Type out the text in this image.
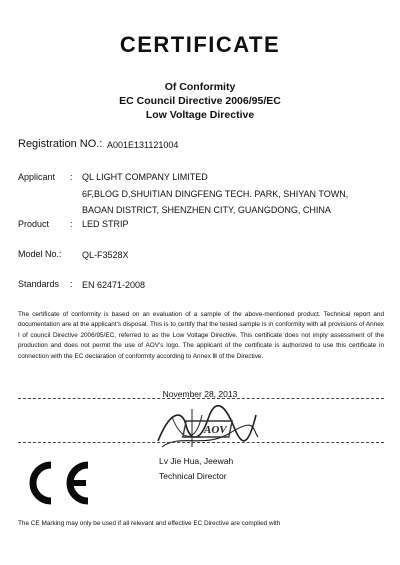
CERTIFICATE
Of Conformity
EC Council Directive 2006/95/EC
Low Voltage Directive
Registration NO.: A001E131121004
Applicant : QL LIGHT COMPANY LIMITED
6F,BLOG D,SHUITIAN DINGFENG TECH. PARK, SHIYAN TOWN,
BAOAN DISTRICT, SHENZHEN CITY, GUANGDONG, CHINA
Product : LED STRIP
Model No.: QL-F3528X
Standards : EN 62471-2008
The certificate of conformity is based on an evaluation of a sample of the above-mentioned product. Technical report and documentation are at the applicant's disposal. This is to certify that the tested sample is in conformity with all provisions of Annex I of council Directive 2006/95/EC, referred to as the Low Voltage Directive. This certificate does not imply assessment of the production and does not permit the use of AOV's logo. The applicant of the certificate is authorized to use this certificate in connection with the EC declaration of conformity according to Annex Ⅲ of the Directive.
November 28, 2013
AOV
Lv Jie Hua, Jeewah
Technical Director
The CE Marking may only be used if all relevant and effective EC Directive are complied with
